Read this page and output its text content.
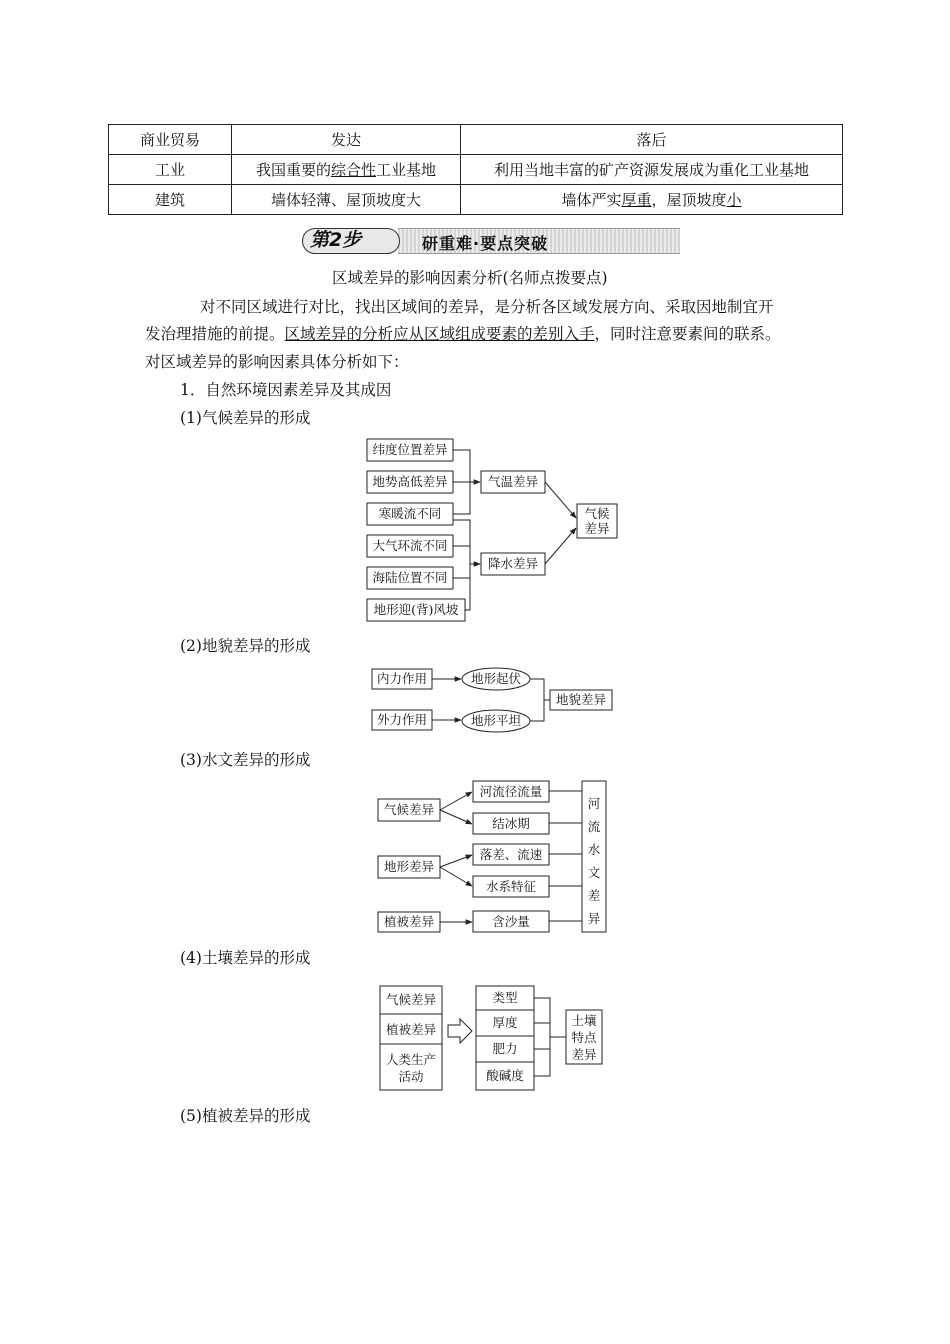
商业贸易	发达	落后
工业	我国重要的综合性工业基地	利用当地丰富的矿产资源发展成为重化工业基地
建筑	墙体轻薄、屋顶坡度大	墙体严实厚重，屋顶坡度小
第2步	研重难·要点突破
区域差异的影响因素分析(名师点拨要点)
对不同区域进行对比，找出区域间的差异，是分析各区域发展方向、采取因地制宜开
发治理措施的前提。区域差异的分析应从区域组成要素的差别入手，同时注意要素间的联系。
对区域差异的影响因素具体分析如下：
1．自然环境因素差异及其成因
(1)气候差异的形成
纬度位置差异
地势高低差异
寒暖流不同
大气环流不同
海陆位置不同
地形迎(背)风坡
气温差异
降水差异
气候
差异
(2)地貌差异的形成
内力作用
外力作用
地形起伏
地形平坦
地貌差异
(3)水文差异的形成
气候差异
地形差异
植被差异
河流径流量
结冰期
落差、流速
水系特征
含沙量
河
流
水
文
差
异
(4)土壤差异的形成
气候差异
植被差异
人类生产
活动
类型
厚度
肥力
酸碱度
土壤
特点
差异
(5)植被差异的形成
